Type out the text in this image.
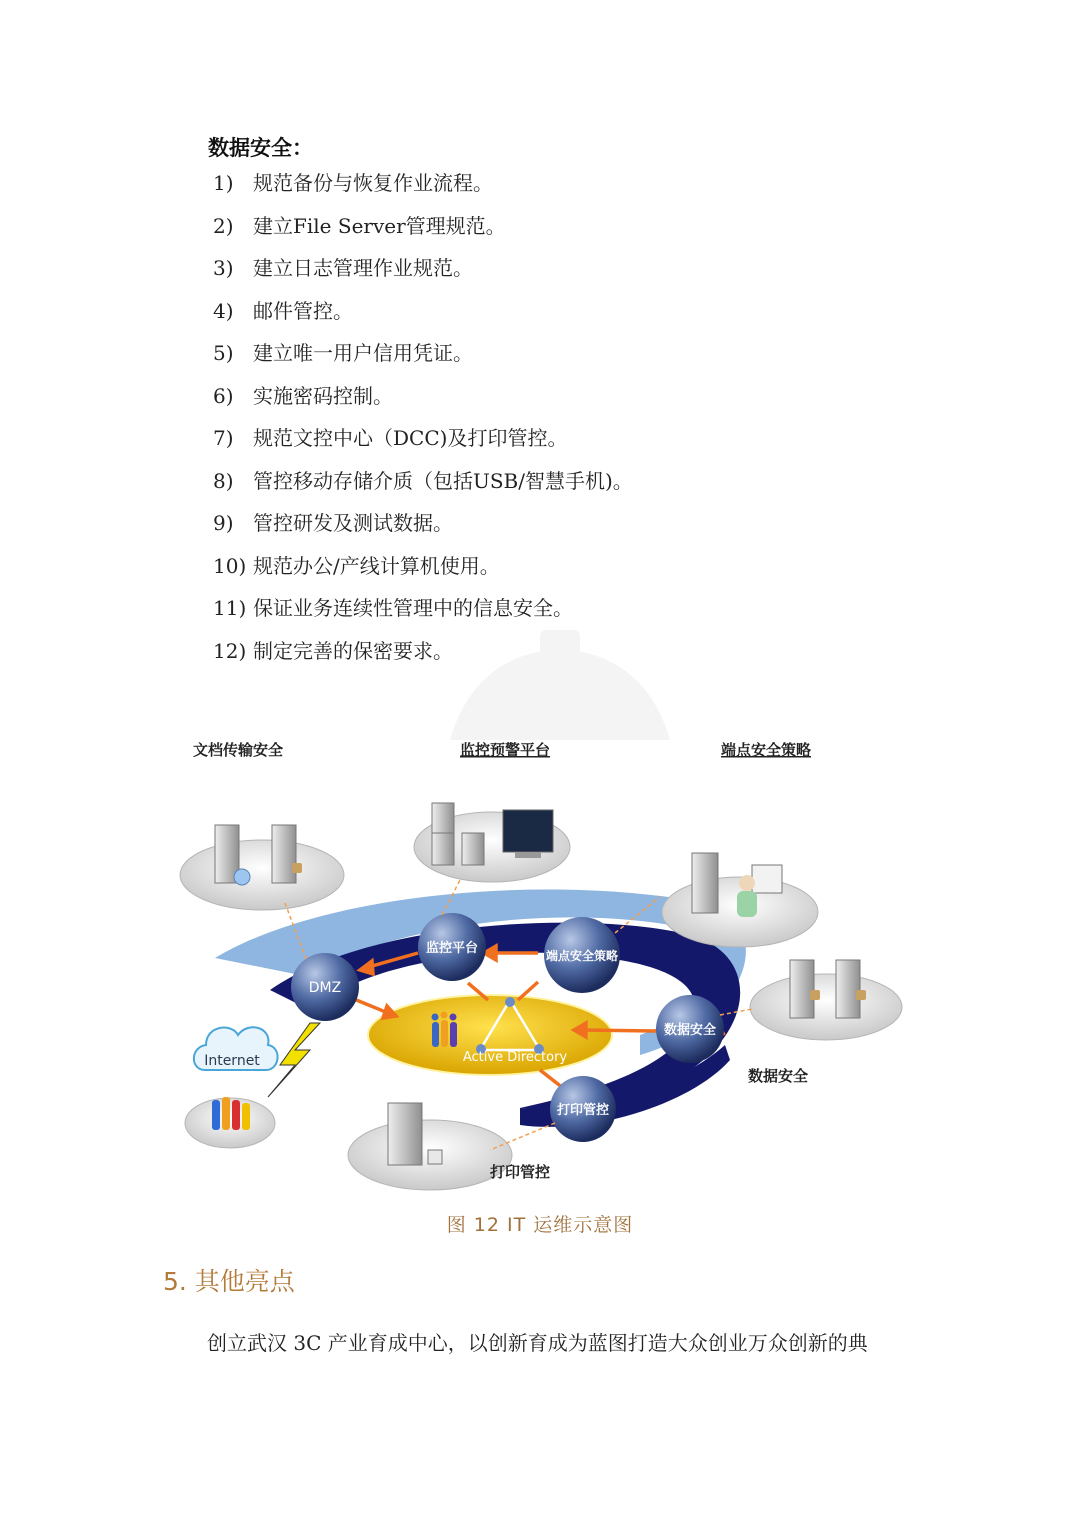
数据安全：
1) 规范备份与恢复作业流程。
2) 建立File Server管理规范。
3) 建立日志管理作业规范。
4) 邮件管控。
5) 建立唯一用户信用凭证。
6) 实施密码控制。
7) 规范文控中心（DCC)及打印管控。
8) 管控移动存储介质（包括USB/智慧手机)。
9) 管控研发及测试数据。
10) 规范办公/产线计算机使用。
11) 保证业务连续性管理中的信息安全。
12) 制定完善的保密要求。
文档传输安全	监控预警平台	端点安全策略
Active Directory
DMZ
监控平台	端点安全策略
数据安全
打印管控
Internet
数据安全
打印管控
图 12 IT 运维示意图
5. 其他亮点
创立武汉 3C 产业育成中心，以创新育成为蓝图打造大众创业万众创新的典
